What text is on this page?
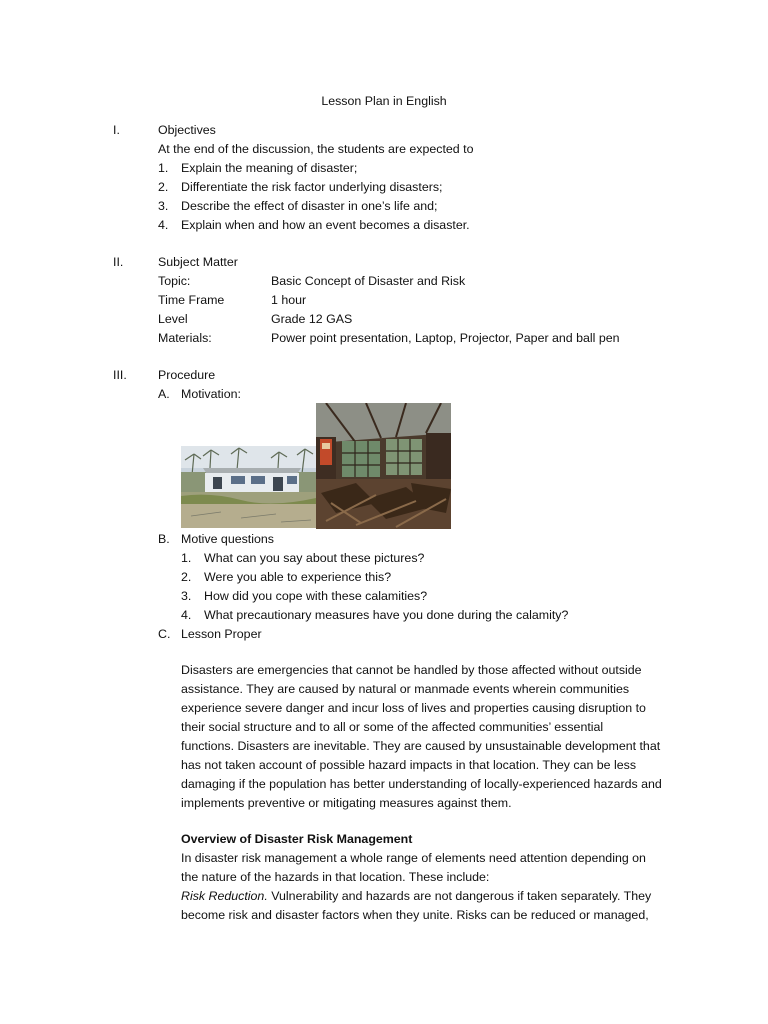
Lesson Plan in English
I.	Objectives
At the end of the discussion, the students are expected to
1. Explain the meaning of disaster;
2. Differentiate the risk factor underlying disasters;
3. Describe the effect of disaster in one’s life and;
4. Explain when and how an event becomes a disaster.
II.	Subject Matter
Topic:	Basic Concept of Disaster and Risk
Time Frame	1 hour
Level	Grade 12 GAS
Materials:	Power point presentation, Laptop, Projector, Paper and ball pen
III.	Procedure
A. Motivation:
B. Motive questions
1. What can you say about these pictures?
2. Were you able to experience this?
3. How did you cope with these calamities?
4. What precautionary measures have you done during the calamity?
C. Lesson Proper
Disasters are emergencies that cannot be handled by those affected without outside
assistance. They are caused by natural or manmade events wherein communities
experience severe danger and incur loss of lives and properties causing disruption to
their social structure and to all or some of the affected communities’ essential
functions. Disasters are inevitable. They are caused by unsustainable development that
has not taken account of possible hazard impacts in that location. They can be less
damaging if the population has better understanding of locally-experienced hazards and
implements preventive or mitigating measures against them.
Overview of Disaster Risk Management
In disaster risk management a whole range of elements need attention depending on
the nature of the hazards in that location. These include:
Risk Reduction. Vulnerability and hazards are not dangerous if taken separately. They
become risk and disaster factors when they unite. Risks can be reduced or managed,
